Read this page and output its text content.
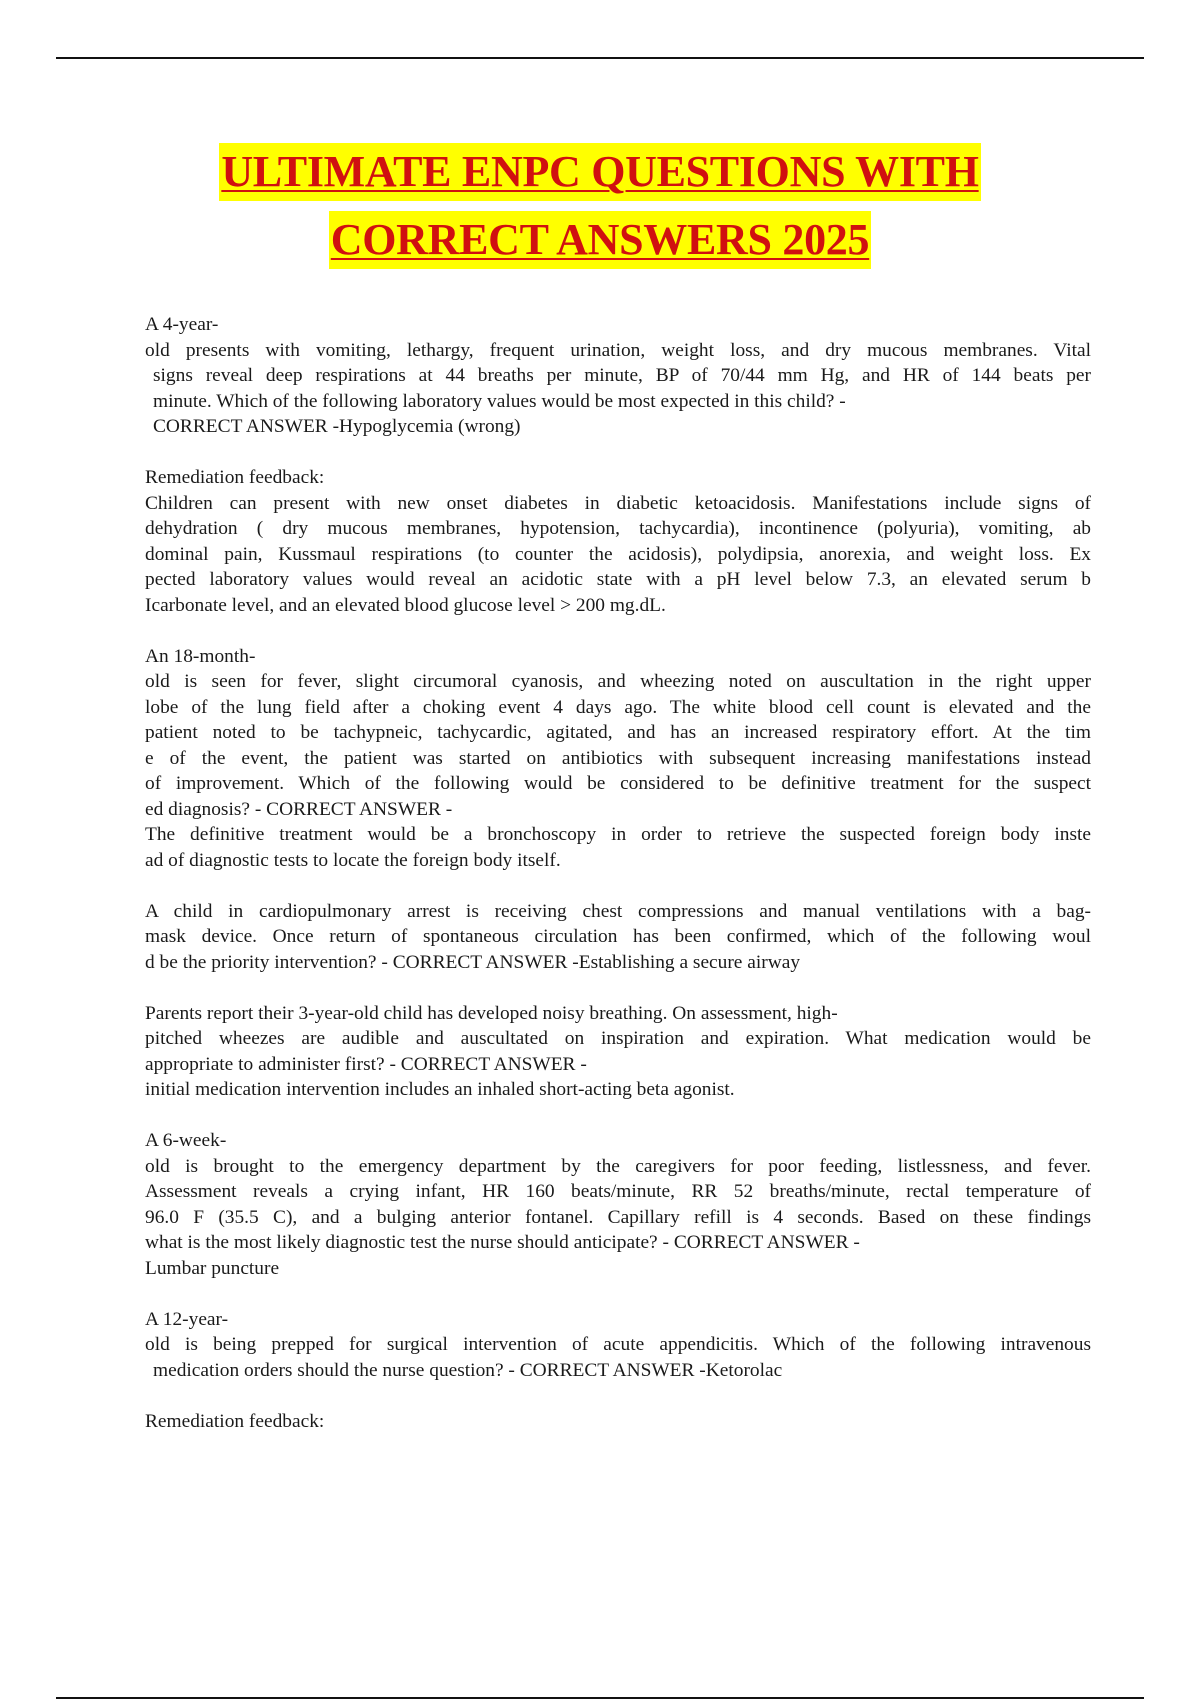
ULTIMATE ENPC QUESTIONS WITH
CORRECT ANSWERS 2025
A 4-year-
old presents with vomiting, lethargy, frequent urination, weight loss, and dry mucous membranes. Vital
signs reveal deep respirations at 44 breaths per minute, BP of 70/44 mm Hg, and HR of 144 beats per
minute. Which of the following laboratory values would be most expected in this child? -
CORRECT ANSWER -Hypoglycemia (wrong)
Remediation feedback:
Children can present with new onset diabetes in diabetic ketoacidosis. Manifestations include signs of
dehydration ( dry mucous membranes, hypotension, tachycardia), incontinence (polyuria), vomiting, ab
dominal pain, Kussmaul respirations (to counter the acidosis), polydipsia, anorexia, and weight loss. Ex
pected laboratory values would reveal an acidotic state with a pH level below 7.3, an elevated serum b
Icarbonate level, and an elevated blood glucose level > 200 mg.dL.
An 18-month-
old is seen for fever, slight circumoral cyanosis, and wheezing noted on auscultation in the right upper
lobe of the lung field after a choking event 4 days ago. The white blood cell count is elevated and the
patient noted to be tachypneic, tachycardic, agitated, and has an increased respiratory effort. At the tim
e of the event, the patient was started on antibiotics with subsequent increasing manifestations instead
of improvement. Which of the following would be considered to be definitive treatment for the suspect
ed diagnosis? - CORRECT ANSWER -
The definitive treatment would be a bronchoscopy in order to retrieve the suspected foreign body inste
ad of diagnostic tests to locate the foreign body itself.
A child in cardiopulmonary arrest is receiving chest compressions and manual ventilations with a bag-
mask device. Once return of spontaneous circulation has been confirmed, which of the following woul
d be the priority intervention? - CORRECT ANSWER -Establishing a secure airway
Parents report their 3-year-old child has developed noisy breathing. On assessment, high-
pitched wheezes are audible and auscultated on inspiration and expiration. What medication would be
appropriate to administer first? - CORRECT ANSWER -
initial medication intervention includes an inhaled short-acting beta agonist.
A 6-week-
old is brought to the emergency department by the caregivers for poor feeding, listlessness, and fever.
Assessment reveals a crying infant, HR 160 beats/minute, RR 52 breaths/minute, rectal temperature of
96.0 F (35.5 C), and a bulging anterior fontanel. Capillary refill is 4 seconds. Based on these findings
what is the most likely diagnostic test the nurse should anticipate? - CORRECT ANSWER -
Lumbar puncture
A 12-year-
old is being prepped for surgical intervention of acute appendicitis. Which of the following intravenous
medication orders should the nurse question? - CORRECT ANSWER -Ketorolac
Remediation feedback:
